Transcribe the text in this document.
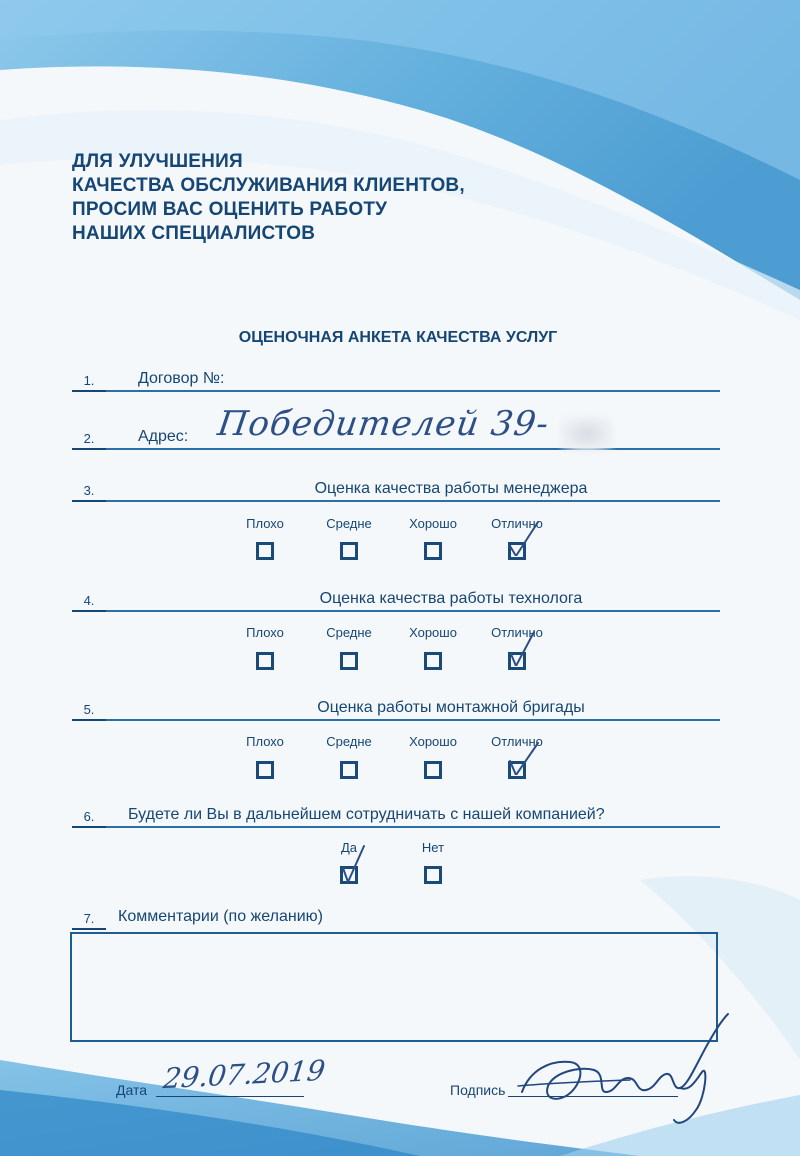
ДЛЯ УЛУЧШЕНИЯ
КАЧЕСТВА ОБСЛУЖИВАНИЯ КЛИЕНТОВ,
ПРОСИМ ВАС ОЦЕНИТЬ РАБОТУ
НАШИХ СПЕЦИАЛИСТОВ
ОЦЕНОЧНАЯ АНКЕТА КАЧЕСТВА УСЛУГ
1.	Договор №:
2.	Адрес: Победителей 39-
3.	Оценка качества работы менеджера
Плохо	Средне	Хорошо	Отлично
4.	Оценка качества работы технолога
Плохо	Средне	Хорошо	Отлично
5.	Оценка работы монтажной бригады
Плохо	Средне	Хорошо	Отлично
6.	Будете ли Вы в дальнейшем сотрудничать с нашей компанией?
Да	Нет
7.	Комментарии (по желанию)
Дата 29.07.2019	Подпись
